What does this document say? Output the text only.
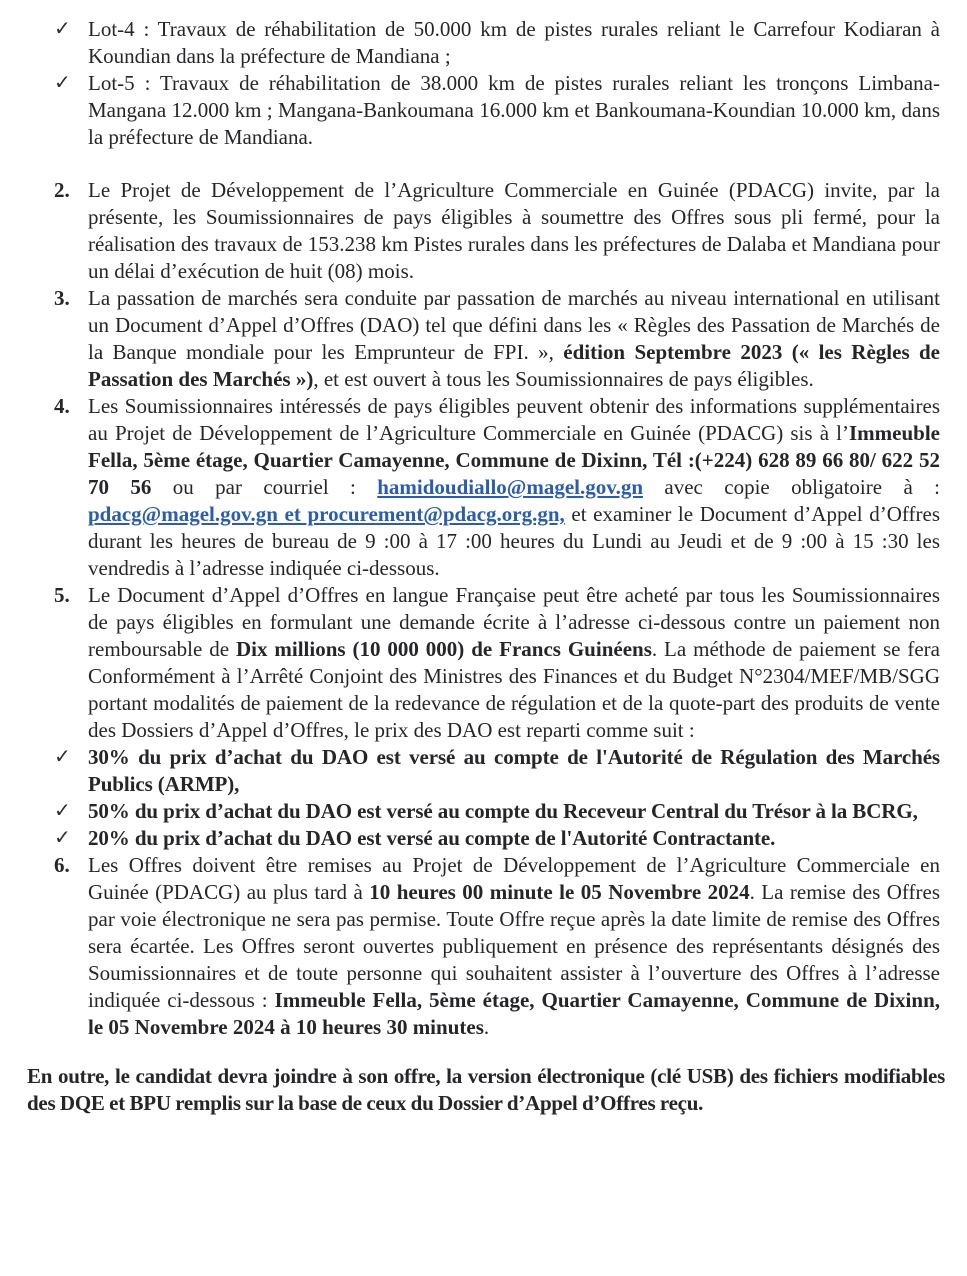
✓ Lot-4 : Travaux de réhabilitation de 50.000 km de pistes rurales reliant le Carrefour Kodiaran à Koundian dans la préfecture de Mandiana ;
✓ Lot-5 : Travaux de réhabilitation de 38.000 km de pistes rurales reliant les tronçons Limbana-Mangana 12.000 km ; Mangana-Bankoumana 16.000 km et Bankoumana-Koundian 10.000 km, dans la préfecture de Mandiana.
2. Le Projet de Développement de l’Agriculture Commerciale en Guinée (PDACG) invite, par la présente, les Soumissionnaires de pays éligibles à soumettre des Offres sous pli fermé, pour la réalisation des travaux de 153.238 km Pistes rurales dans les préfectures de Dalaba et Mandiana pour un délai d’exécution de huit (08) mois.
3. La passation de marchés sera conduite par passation de marchés au niveau international en utilisant un Document d’Appel d’Offres (DAO) tel que défini dans les « Règles des Passation de Marchés de la Banque mondiale pour les Emprunteur de FPI. », édition Septembre 2023 (« les Règles de Passation des Marchés »), et est ouvert à tous les Soumissionnaires de pays éligibles.
4. Les Soumissionnaires intéressés de pays éligibles peuvent obtenir des informations supplémentaires au Projet de Développement de l’Agriculture Commerciale en Guinée (PDACG) sis à l’Immeuble Fella, 5ème étage, Quartier Camayenne, Commune de Dixinn, Tél :(+224) 628 89 66 80/ 622 52 70 56 ou par courriel : hamidoudiallo@magel.gov.gn avec copie obligatoire à : pdacg@magel.gov.gn et procurement@pdacg.org.gn, et examiner le Document d’Appel d’Offres durant les heures de bureau de 9 :00 à 17 :00 heures du Lundi au Jeudi et de 9 :00 à 15 :30 les vendredis à l’adresse indiquée ci-dessous.
5. Le Document d’Appel d’Offres en langue Française peut être acheté par tous les Soumissionnaires de pays éligibles en formulant une demande écrite à l’adresse ci-dessous contre un paiement non remboursable de Dix millions (10 000 000) de Francs Guinéens. La méthode de paiement se fera Conformément à l’Arrêté Conjoint des Ministres des Finances et du Budget N°2304/MEF/MB/SGG portant modalités de paiement de la redevance de régulation et de la quote-part des produits de vente des Dossiers d’Appel d’Offres, le prix des DAO est reparti comme suit :
✓ 30% du prix d’achat du DAO est versé au compte de l'Autorité de Régulation des Marchés Publics (ARMP),
✓ 50% du prix d’achat du DAO est versé au compte du Receveur Central du Trésor à la BCRG,
✓ 20% du prix d’achat du DAO est versé au compte de l'Autorité Contractante.
6. Les Offres doivent être remises au Projet de Développement de l’Agriculture Commerciale en Guinée (PDACG) au plus tard à 10 heures 00 minute le 05 Novembre 2024. La remise des Offres par voie électronique ne sera pas permise. Toute Offre reçue après la date limite de remise des Offres sera écartée. Les Offres seront ouvertes publiquement en présence des représentants désignés des Soumissionnaires et de toute personne qui souhaitent assister à l’ouverture des Offres à l’adresse indiquée ci-dessous : Immeuble Fella, 5ème étage, Quartier Camayenne, Commune de Dixinn, le 05 Novembre 2024 à 10 heures 30 minutes.
En outre, le candidat devra joindre à son offre, la version électronique (clé USB) des fichiers modifiables des DQE et BPU remplis sur la base de ceux du Dossier d’Appel d’Offres reçu.
